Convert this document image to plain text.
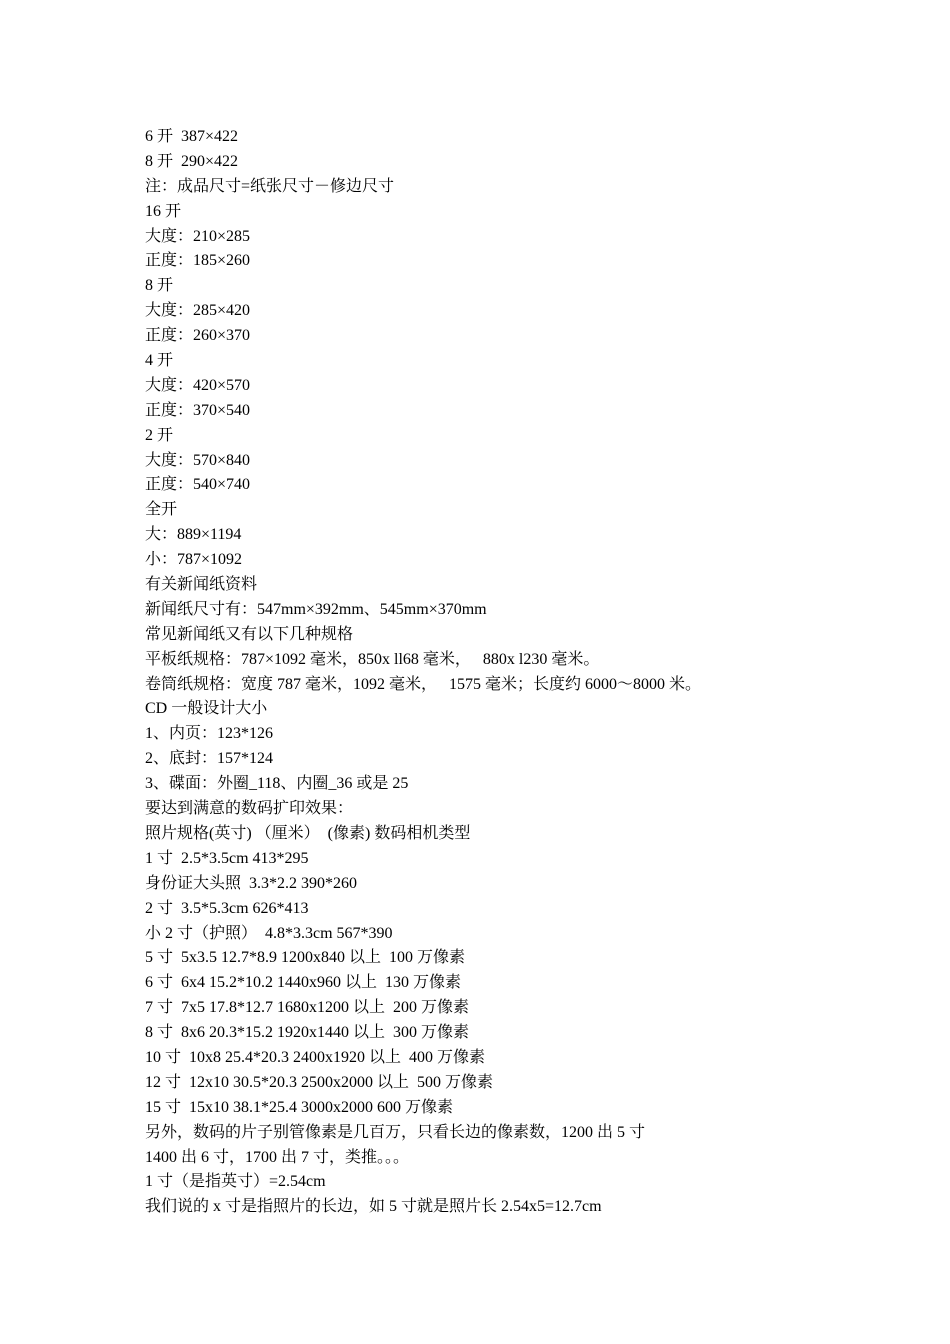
6 开  387×422
8 开  290×422
注：成品尺寸=纸张尺寸－修边尺寸
16 开
大度：210×285
正度：185×260
8 开
大度：285×420
正度：260×370
4 开
大度：420×570
正度：370×540
2 开
大度：570×840
正度：540×740
全开
大：889×1194
小：787×1092
有关新闻纸资料
新闻纸尺寸有：547mm×392mm、545mm×370mm
常见新闻纸又有以下几种规格
平板纸规格：787×1092 毫米，850x ll68 毫米，   880x l230 毫米。
卷筒纸规格：宽度 787 毫米，1092 毫米，   1575 毫米；长度约 6000～8000 米。
CD 一般设计大小
1、内页：123*126
2、底封：157*124
3、碟面：外圈_118、内圈_36 或是 25
要达到满意的数码扩印效果：
照片规格(英寸) （厘米）  (像素) 数码相机类型
1 寸  2.5*3.5cm 413*295
身份证大头照  3.3*2.2 390*260
2 寸  3.5*5.3cm 626*413
小 2 寸（护照）  4.8*3.3cm 567*390
5 寸  5x3.5 12.7*8.9 1200x840 以上  100 万像素
6 寸  6x4 15.2*10.2 1440x960 以上  130 万像素
7 寸  7x5 17.8*12.7 1680x1200 以上  200 万像素
8 寸  8x6 20.3*15.2 1920x1440 以上  300 万像素
10 寸  10x8 25.4*20.3 2400x1920 以上  400 万像素
12 寸  12x10 30.5*20.3 2500x2000 以上  500 万像素
15 寸  15x10 38.1*25.4 3000x2000 600 万像素
另外，数码的片子别管像素是几百万，只看长边的像素数，1200 出 5 寸
1400 出 6 寸，1700 出 7 寸，类推。。。
1 寸（是指英寸）=2.54cm
我们说的 x 寸是指照片的长边，如 5 寸就是照片长 2.54x5=12.7cm
